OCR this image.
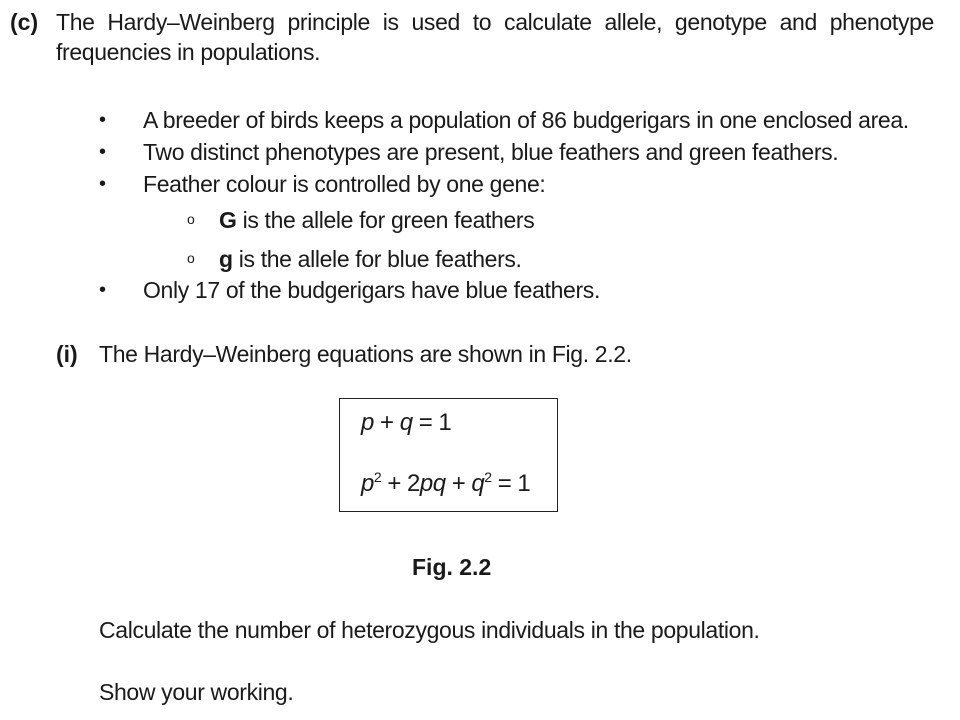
(c) The Hardy–Weinberg principle is used to calculate allele, genotype and phenotype frequencies in populations.
• A breeder of birds keeps a population of 86 budgerigars in one enclosed area.
• Two distinct phenotypes are present, blue feathers and green feathers.
• Feather colour is controlled by one gene:
o G is the allele for green feathers
o g is the allele for blue feathers.
• Only 17 of the budgerigars have blue feathers.
(i) The Hardy–Weinberg equations are shown in Fig. 2.2.
p + q = 1
$p^2 + 2pq + q^2 = 1$
Fig. 2.2
Calculate the number of heterozygous individuals in the population.
Show your working.
